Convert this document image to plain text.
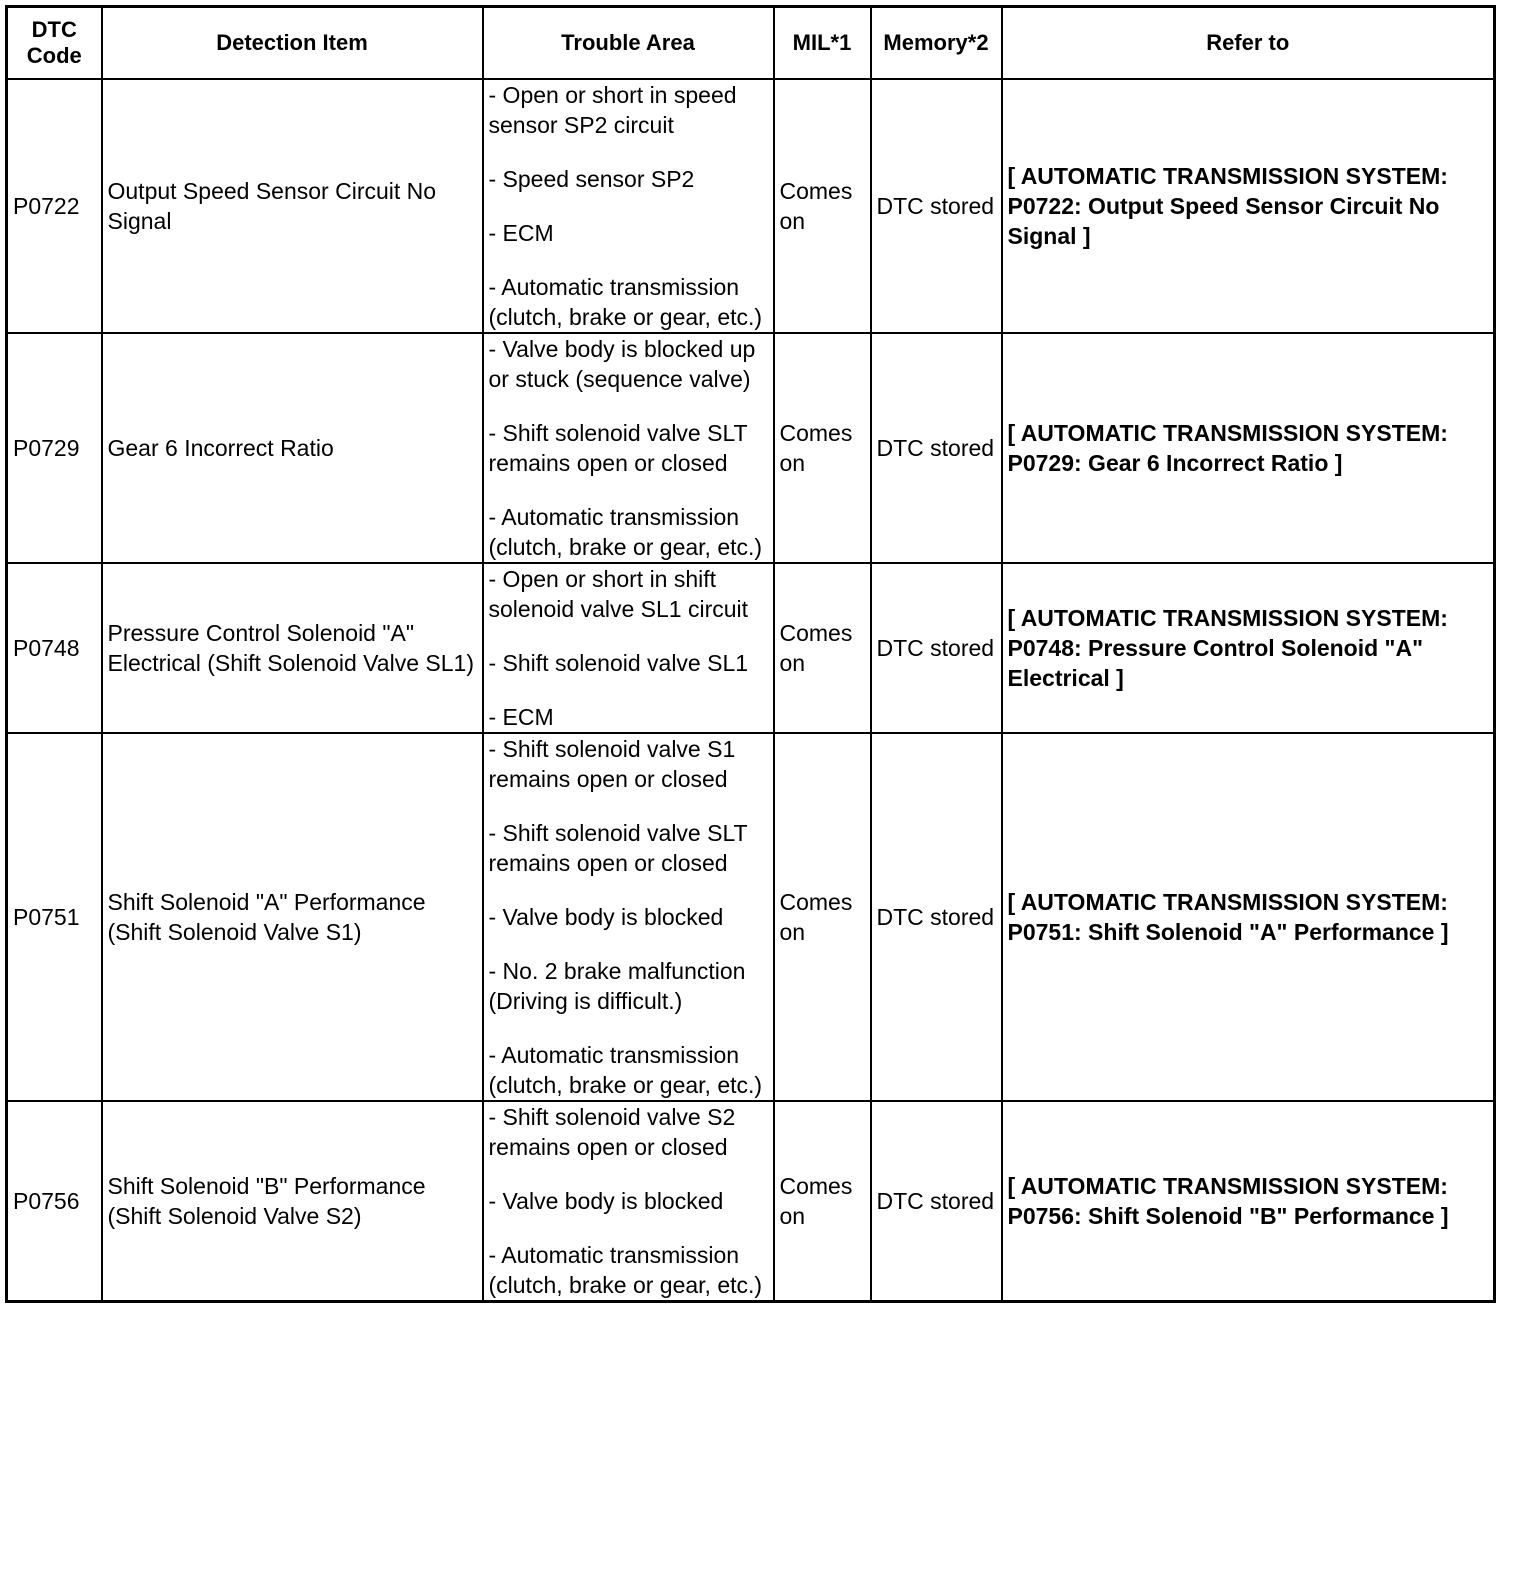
DTC Code	Detection Item	Trouble Area	MIL*1	Memory*2	Refer to
P0722	Output Speed Sensor Circuit No Signal	- Open or short in speed sensor SP2 circuit

- Speed sensor SP2

- ECM

- Automatic transmission (clutch, brake or gear, etc.)	Comes on	DTC stored	[ AUTOMATIC TRANSMISSION SYSTEM: P0722: Output Speed Sensor Circuit No Signal ]
P0729	Gear 6 Incorrect Ratio	- Valve body is blocked up or stuck (sequence valve)

- Shift solenoid valve SLT remains open or closed

- Automatic transmission (clutch, brake or gear, etc.)	Comes on	DTC stored	[ AUTOMATIC TRANSMISSION SYSTEM: P0729: Gear 6 Incorrect Ratio ]
P0748	Pressure Control Solenoid "A" Electrical (Shift Solenoid Valve SL1)	- Open or short in shift solenoid valve SL1 circuit

- Shift solenoid valve SL1

- ECM	Comes on	DTC stored	[ AUTOMATIC TRANSMISSION SYSTEM: P0748: Pressure Control Solenoid "A" Electrical ]
P0751	Shift Solenoid "A" Performance (Shift Solenoid Valve S1)	- Shift solenoid valve S1 remains open or closed

- Shift solenoid valve SLT remains open or closed

- Valve body is blocked

- No. 2 brake malfunction (Driving is difficult.)

- Automatic transmission (clutch, brake or gear, etc.)	Comes on	DTC stored	[ AUTOMATIC TRANSMISSION SYSTEM: P0751: Shift Solenoid "A" Performance ]
P0756	Shift Solenoid "B" Performance (Shift Solenoid Valve S2)	- Shift solenoid valve S2 remains open or closed

- Valve body is blocked

- Automatic transmission (clutch, brake or gear, etc.)	Comes on	DTC stored	[ AUTOMATIC TRANSMISSION SYSTEM: P0756: Shift Solenoid "B" Performance ]
